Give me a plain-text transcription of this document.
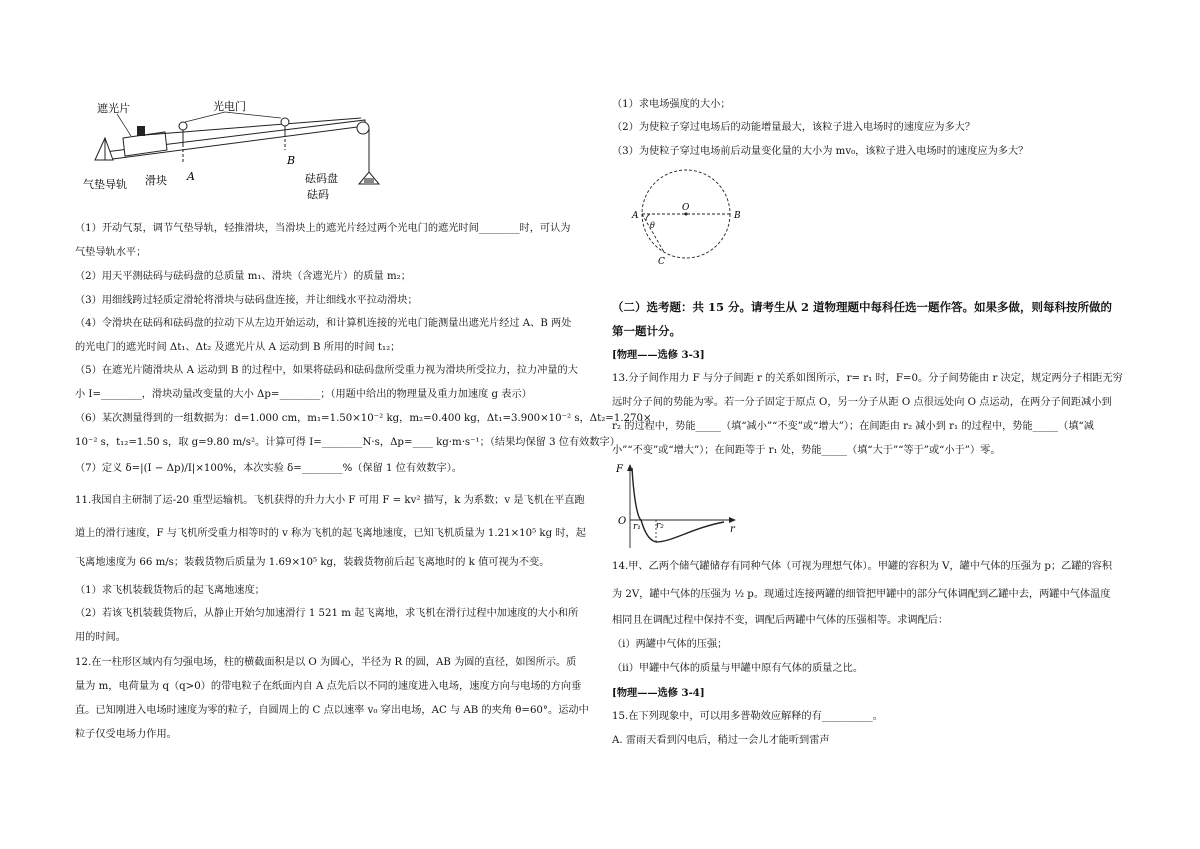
遮光片	光电门
气垫导轨 滑块 A
B
砝码盘
砝码
（1）开动气泵，调节气垫导轨，轻推滑块，当滑块上的遮光片经过两个光电门的遮光时间________时，可认为
气垫导轨水平；
（2）用天平测砝码与砝码盘的总质量 m₁、滑块（含遮光片）的质量 m₂；
（3）用细线跨过轻质定滑轮将滑块与砝码盘连接，并让细线水平拉动滑块；
（4）令滑块在砝码和砝码盘的拉动下从左边开始运动，和计算机连接的光电门能测量出遮光片经过 A、B 两处
的光电门的遮光时间 Δt₁、Δt₂ 及遮光片从 A 运动到 B 所用的时间 t₁₂；
（5）在遮光片随滑块从 A 运动到 B 的过程中，如果将砝码和砝码盘所受重力视为滑块所受拉力，拉力冲量的大
小 I=________，滑块动量改变量的大小 Δp=________；（用题中给出的物理量及重力加速度 g 表示）
（6）某次测量得到的一组数据为：d=1.000 cm，m₁=1.50×10⁻² kg，m₂=0.400 kg，Δt₁=3.900×10⁻² s，Δt₂=1.270×
10⁻² s，t₁₂=1.50 s，取 g=9.80 m/s²。计算可得 I=________N·s，Δp=____ kg·m·s⁻¹；（结果均保留 3 位有效数字）
（7）定义 δ=|(I − Δp)/I|×100%，本次实验 δ=________%（保留 1 位有效数字）。
11.我国自主研制了运-20 重型运输机。飞机获得的升力大小 F 可用 F = kv² 描写，k 为系数；v 是飞机在平直跑
道上的滑行速度，F 与飞机所受重力相等时的 v 称为飞机的起飞离地速度，已知飞机质量为 1.21×10⁵ kg 时，起
飞离地速度为 66 m/s；装载货物后质量为 1.69×10⁵ kg，装载货物前后起飞离地时的 k 值可视为不变。
（1）求飞机装载货物后的起飞离地速度；
（2）若该飞机装载货物后，从静止开始匀加速滑行 1 521 m 起飞离地，求飞机在滑行过程中加速度的大小和所
用的时间。
12.在一柱形区域内有匀强电场，柱的横截面积是以 O 为圆心，半径为 R 的圆，AB 为圆的直径，如图所示。质
量为 m，电荷量为 q（q>0）的带电粒子在纸面内自 A 点先后以不同的速度进入电场，速度方向与电场的方向垂
直。已知刚进入电场时速度为零的粒子，自圆周上的 C 点以速率 v₀ 穿出电场，AC 与 AB 的夹角 θ=60°。运动中
粒子仅受电场力作用。
（1）求电场强度的大小；
（2）为使粒子穿过电场后的动能增量最大，该粒子进入电场时的速度应为多大？
（3）为使粒子穿过电场前后动量变化量的大小为 mv₀，该粒子进入电场时的速度应为多大？
A
O
B
C
θ
（二）选考题：共 15 分。请考生从 2 道物理题中每科任选一题作答。如果多做，则每科按所做的
第一题计分。
[物理——选修 3-3]
13.分子间作用力 F 与分子间距 r 的关系如图所示，r= r₁ 时，F=0。分子间势能由 r 决定，规定两分子相距无穷
远时分子间的势能为零。若一分子固定于原点 O，另一分子从距 O 点很远处向 O 点运动，在两分子间距减小到
r₂ 的过程中，势能_____（填“减小”“不变”或“增大”）；在间距由 r₂ 减小到 r₁ 的过程中，势能_____（填“减
小”“不变”或“增大”）；在间距等于 r₁ 处，势能_____（填“大于”“等于”或“小于”）零。
F
O
r
r₁ r₂
14.甲、乙两个储气罐储存有同种气体（可视为理想气体）。甲罐的容积为 V，罐中气体的压强为 p；乙罐的容积
为 2V，罐中气体的压强为 ½ p。现通过连接两罐的细管把甲罐中的部分气体调配到乙罐中去，两罐中气体温度
相同且在调配过程中保持不变，调配后两罐中气体的压强相等。求调配后：
（i）两罐中气体的压强；
（ii）甲罐中气体的质量与甲罐中原有气体的质量之比。
[物理——选修 3-4]
15.在下列现象中，可以用多普勒效应解释的有__________。
A. 雷雨天看到闪电后，稍过一会儿才能听到雷声
